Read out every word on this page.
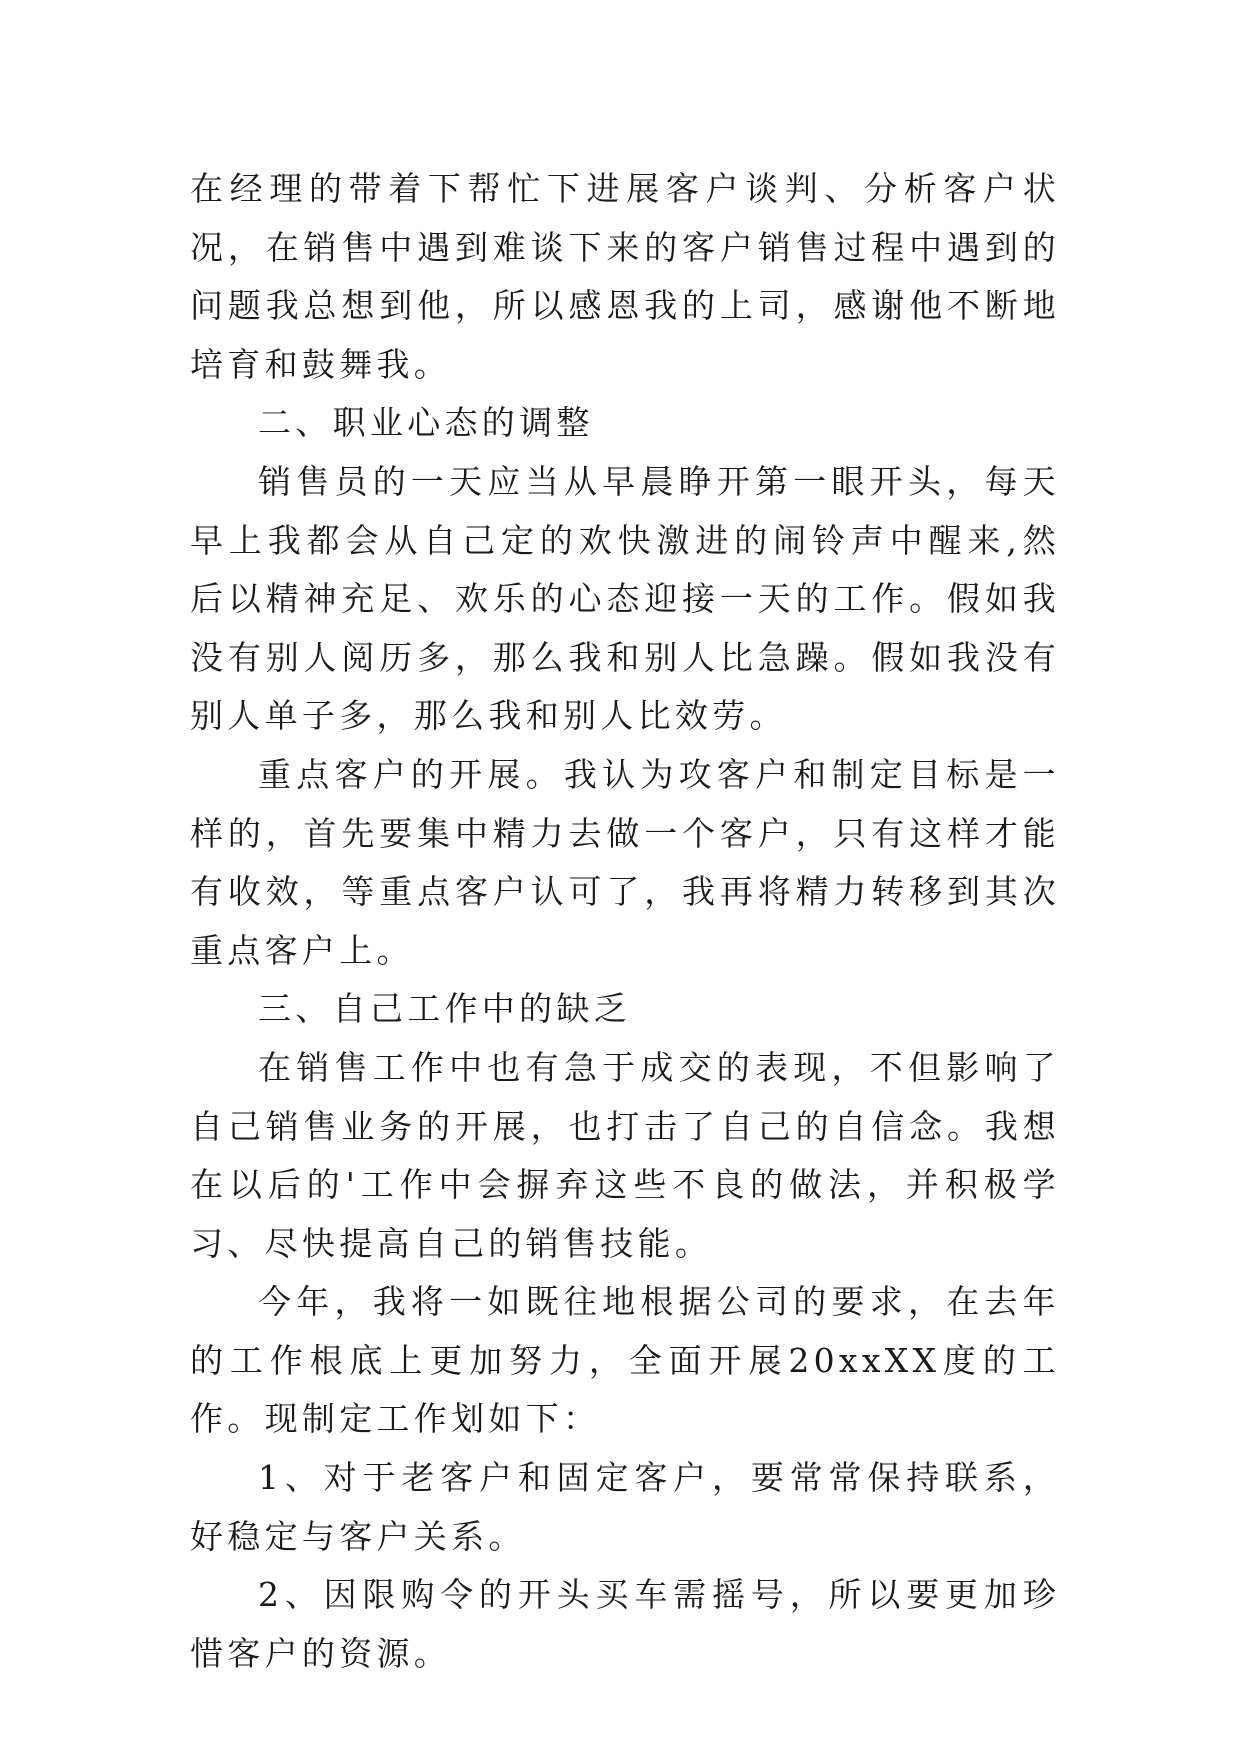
在经理的带着下帮忙下进展客户谈判、分析客户状况，在销售中遇到难谈下来的客户销售过程中遇到的问题我总想到他，所以感恩我的上司，感谢他不断地培育和鼓舞我。

二、职业心态的调整

销售员的一天应当从早晨睁开第一眼开头，每天早上我都会从自己定的欢快激进的闹铃声中醒来,然后以精神充足、欢乐的心态迎接一天的工作。假如我没有别人阅历多，那么我和别人比急躁。假如我没有别人单子多，那么我和别人比效劳。

重点客户的开展。我认为攻客户和制定目标是一样的，首先要集中精力去做一个客户，只有这样才能有收效，等重点客户认可了，我再将精力转移到其次重点客户上。

三、自己工作中的缺乏

在销售工作中也有急于成交的表现，不但影响了自己销售业务的开展，也打击了自己的自信念。我想在以后的'工作中会摒弃这些不良的做法，并积极学习、尽快提高自己的销售技能。

今年，我将一如既往地根据公司的要求，在去年的工作根底上更加努力，全面开展20xxXX度的工作。现制定工作划如下：

1、对于老客户和固定客户，要常常保持联系，好稳定与客户关系。

2、因限购令的开头买车需摇号，所以要更加珍惜客户的资源。
